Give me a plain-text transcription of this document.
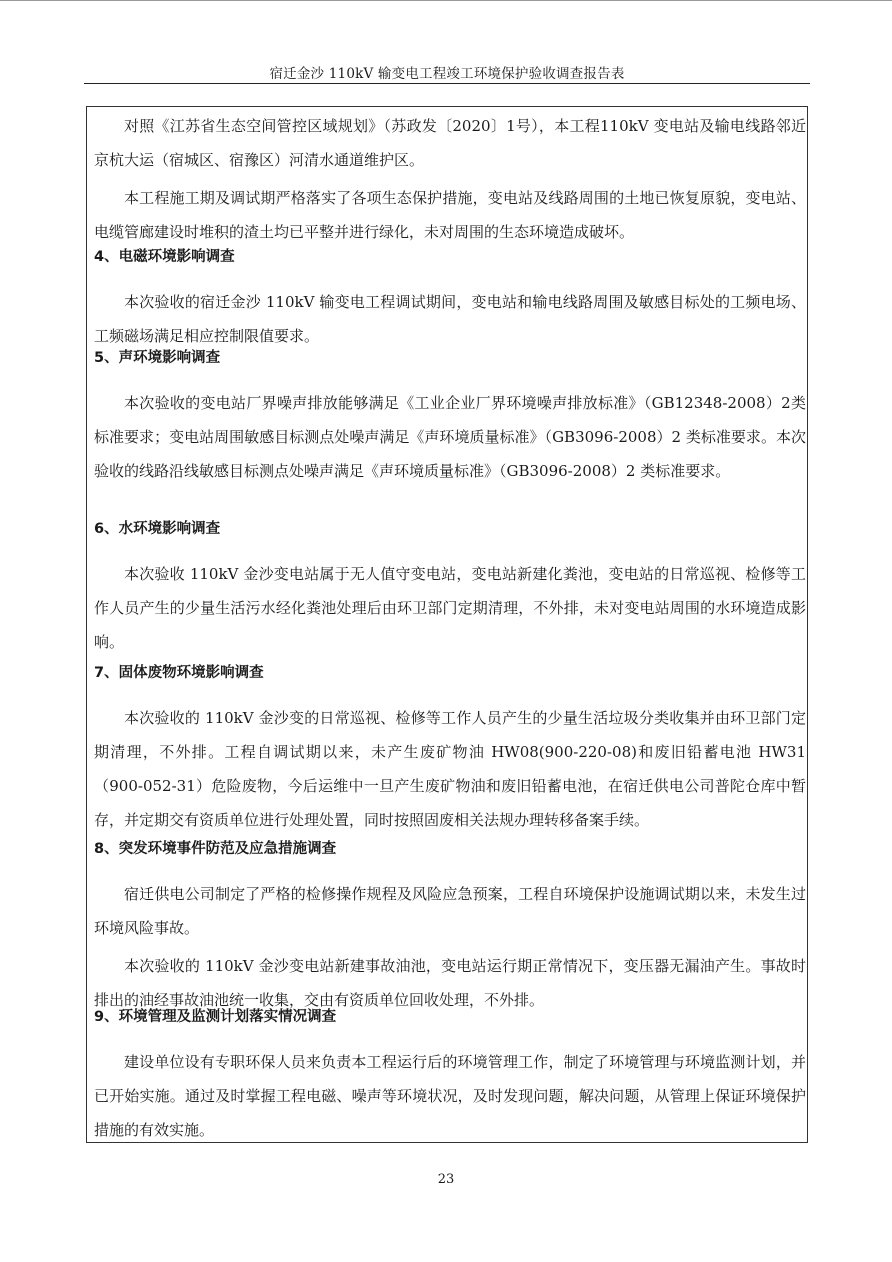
宿迁金沙 110kV 输变电工程竣工环境保护验收调查报告表

对照《江苏省生态空间管控区域规划》（苏政发〔2020〕1号），本工程110kV 变电站及输电线路邻近京杭大运（宿城区、宿豫区）河清水通道维护区。

本工程施工期及调试期严格落实了各项生态保护措施，变电站及线路周围的土地已恢复原貌，变电站、电缆管廊建设时堆积的渣土均已平整并进行绿化，未对周围的生态环境造成破坏。

4、电磁环境影响调查

本次验收的宿迁金沙 110kV 输变电工程调试期间，变电站和输电线路周围及敏感目标处的工频电场、工频磁场满足相应控制限值要求。

5、声环境影响调查

本次验收的变电站厂界噪声排放能够满足《工业企业厂界环境噪声排放标准》（GB12348-2008）2类标准要求；变电站周围敏感目标测点处噪声满足《声环境质量标准》（GB3096-2008）2 类标准要求。本次验收的线路沿线敏感目标测点处噪声满足《声环境质量标准》（GB3096-2008）2 类标准要求。

6、水环境影响调查

本次验收 110kV 金沙变电站属于无人值守变电站，变电站新建化粪池，变电站的日常巡视、检修等工作人员产生的少量生活污水经化粪池处理后由环卫部门定期清理，不外排，未对变电站周围的水环境造成影响。

7、固体废物环境影响调查

本次验收的 110kV 金沙变的日常巡视、检修等工作人员产生的少量生活垃圾分类收集并由环卫部门定期清理，不外排。工程自调试期以来，未产生废矿物油 HW08(900-220-08)和废旧铅蓄电池 HW31（900-052-31）危险废物，今后运维中一旦产生废矿物油和废旧铅蓄电池，在宿迁供电公司普陀仓库中暂存，并定期交有资质单位进行处理处置，同时按照固废相关法规办理转移备案手续。

8、突发环境事件防范及应急措施调查

宿迁供电公司制定了严格的检修操作规程及风险应急预案，工程自环境保护设施调试期以来，未发生过环境风险事故。

本次验收的 110kV 金沙变电站新建事故油池，变电站运行期正常情况下，变压器无漏油产生。事故时排出的油经事故油池统一收集，交由有资质单位回收处理，不外排。

9、环境管理及监测计划落实情况调查

建设单位设有专职环保人员来负责本工程运行后的环境管理工作，制定了环境管理与环境监测计划，并已开始实施。通过及时掌握工程电磁、噪声等环境状况，及时发现问题，解决问题，从管理上保证环境保护措施的有效实施。

23
